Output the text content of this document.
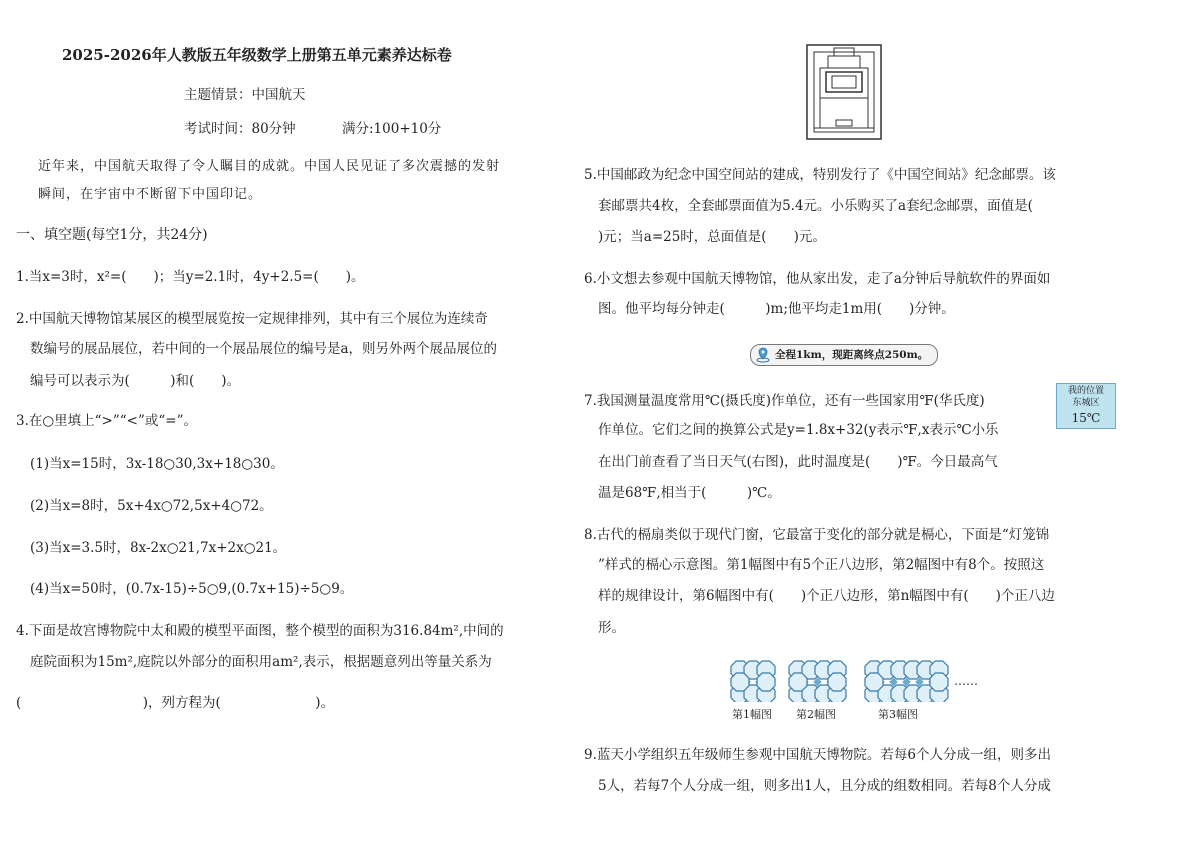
2025-2026年人教版五年级数学上册第五单元素养达标卷
主题情景：中国航天
考试时间：80分钟	满分:100+10分
近年来，中国航天取得了令人瞩目的成就。中国人民见证了多次震撼的发射
瞬间，在宇宙中不断留下中国印记。
一、填空题(每空1分，共24分)
1.当x=3时，x²=(　　)；当y=2.1时，4y+2.5=(　　)。
2.中国航天博物馆某展区的模型展览按一定规律排列，其中有三个展位为连续奇
数编号的展品展位，若中间的一个展品展位的编号是a，则另外两个展品展位的
编号可以表示为(　　　)和(　　)。
3.在○里填上“>”“<”或“=”。
(1)当x=15时，3x-18○30,3x+18○30。
(2)当x=8时，5x+4x○72,5x+4○72。
(3)当x=3.5时，8x-2x○21,7x+2x○21。
(4)当x=50时，(0.7x-15)÷5○9,(0.7x+15)÷5○9。
4.下面是故宫博物院中太和殿的模型平面图，整个模型的面积为316.84m²,中间的
庭院面积为15m²,庭院以外部分的面积用am²,表示，根据题意列出等量关系为
(　　　　　　　　　)，列方程为(　　　　　　　)。
5.中国邮政为纪念中国空间站的建成，特别发行了《中国空间站》纪念邮票。该
套邮票共4枚，全套邮票面值为5.4元。小乐购买了a套纪念邮票，面值是(
)元；当a=25时，总面值是(　　)元。
6.小文想去参观中国航天博物馆，他从家出发，走了a分钟后导航软件的界面如
图。他平均每分钟走(　　　)m;他平均走1m用(　　)分钟。
全程1km，现距离终点250m。
7.我国测量温度常用℃(摄氏度)作单位，还有一些国家用℉(华氏度)
作单位。它们之间的换算公式是y=1.8x+32(y表示℉,x表示℃小乐
在出门前查看了当日天气(右图)，此时温度是(　　)℉。今日最高气
温是68℉,相当于(　　　)℃。
我的位置
东城区
15℃
8.古代的槅扇类似于现代门窗，它最富于变化的部分就是槅心，下面是“灯笼锦
”样式的槅心示意图。第1幅图中有5个正八边形，第2幅图中有8个。按照这
样的规律设计，第6幅图中有(　　)个正八边形，第n幅图中有(　　)个正八边
形。
第1幅图 第2幅图	第3幅图
……
9.蓝天小学组织五年级师生参观中国航天博物院。若每6个人分成一组，则多出
5人，若每7个人分成一组，则多出1人，且分成的组数相同。若每8个人分成
